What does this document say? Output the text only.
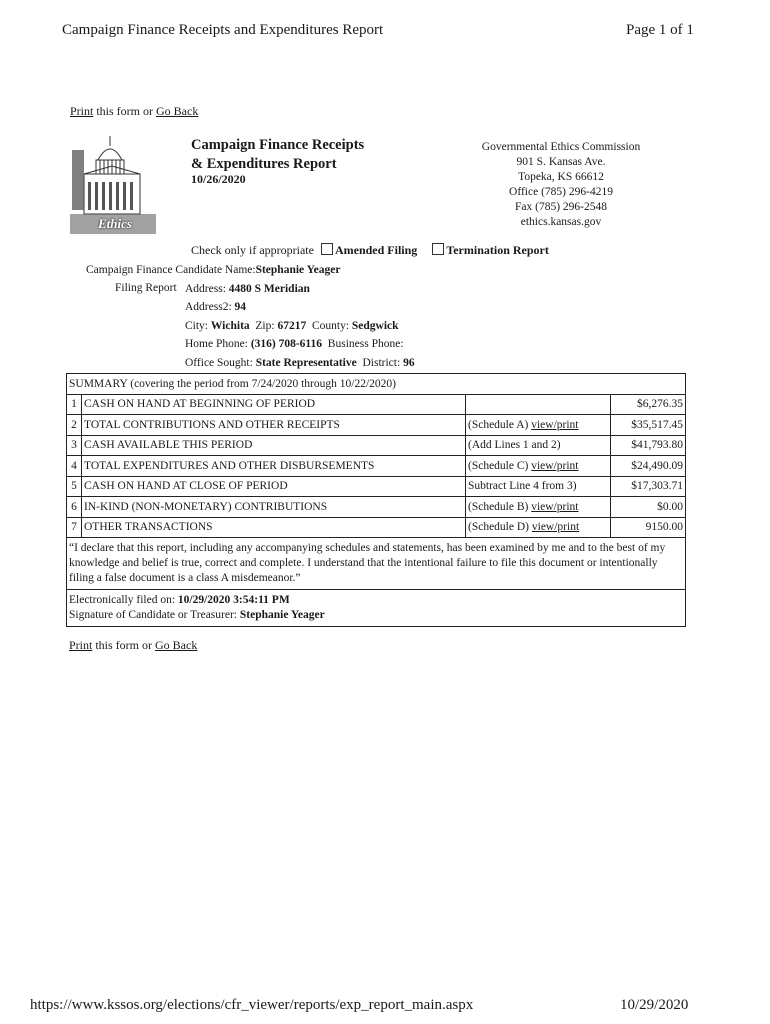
Campaign Finance Receipts and Expenditures Report	Page 1 of 1
Print this form or Go Back
Ethics
Campaign Finance Receipts
& Expenditures Report
10/26/2020
Governmental Ethics Commission
901 S. Kansas Ave.
Topeka, KS 66612
Office (785) 296-4219
Fax (785) 296-2548
ethics.kansas.gov
Check only if appropriate Amended Filing Termination Report
Campaign Finance Candidate Name:Stephanie Yeager
Filing Report Address: 4480 S Meridian
Address2: 94
City: Wichita Zip: 67217 County: Sedgwick
Home Phone: (316) 708-6116 Business Phone:
Office Sought: State Representative District: 96
SUMMARY (covering the period from 7/24/2020 through 10/22/2020)			
1	CASH ON HAND AT BEGINNING OF PERIOD		$6,276.35
2	TOTAL CONTRIBUTIONS AND OTHER RECEIPTS	(Schedule A) view/print	$35,517.45
3	CASH AVAILABLE THIS PERIOD	(Add Lines 1 and 2)	$41,793.80
4	TOTAL EXPENDITURES AND OTHER DISBURSEMENTS	(Schedule C) view/print	$24,490.09
5	CASH ON HAND AT CLOSE OF PERIOD	Subtract Line 4 from 3)	$17,303.71
6	IN-KIND (NON-MONETARY) CONTRIBUTIONS	(Schedule B) view/print	$0.00
7	OTHER TRANSACTIONS	(Schedule D) view/print	9150.00
“I declare that this report, including any accompanying schedules and statements, has been examined by me and to the best of my knowledge and belief is true, correct and complete. I understand that the intentional failure to file this document or intentionally filing a false document is a class A misdemeanor.”			

Electronically filed on: 10/29/2020 3:54:11 PM
Signature of Candidate or Treasurer: Stephanie Yeager			
Print this form or Go Back
https://www.kssos.org/elections/cfr_viewer/reports/exp_report_main.aspx	10/29/2020
